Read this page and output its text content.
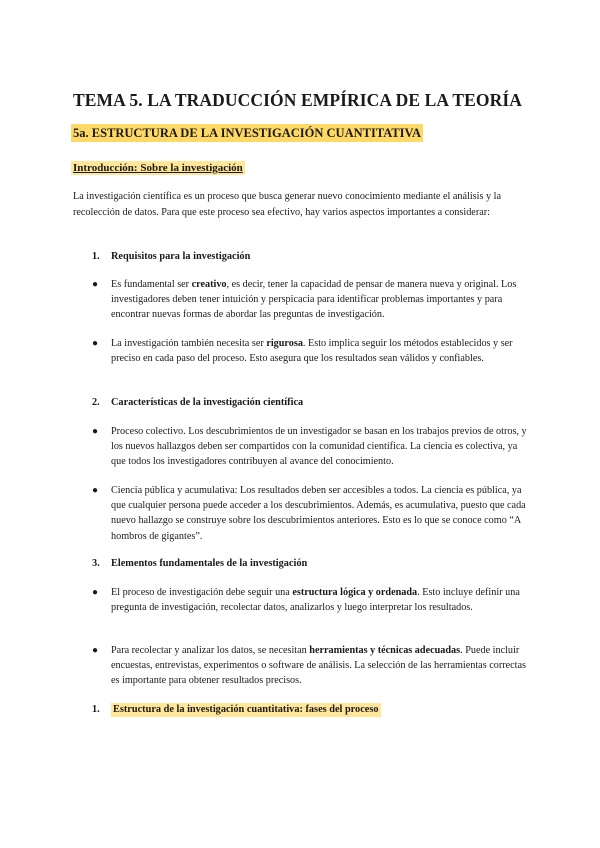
TEMA 5. LA TRADUCCIÓN EMPÍRICA DE LA TEORÍA
5a. ESTRUCTURA DE LA INVESTIGACIÓN CUANTITATIVA
Introducción: Sobre la investigación

La investigación científica es un proceso que busca generar nuevo conocimiento mediante el análisis y la recolección de datos. Para que este proceso sea efectivo, hay varios aspectos importantes a considerar:

1. Requisitos para la investigación
● Es fundamental ser creativo, es decir, tener la capacidad de pensar de manera nueva y original. Los investigadores deben tener intuición y perspicacia para identificar problemas importantes y para encontrar nuevas formas de abordar las preguntas de investigación.
● La investigación también necesita ser rigurosa. Esto implica seguir los métodos establecidos y ser preciso en cada paso del proceso. Esto asegura que los resultados sean válidos y confiables.
2. Características de la investigación científica
● Proceso colectivo. Los descubrimientos de un investigador se basan en los trabajos previos de otros, y los nuevos hallazgos deben ser compartidos con la comunidad científica. La ciencia es colectiva, ya que todos los investigadores contribuyen al avance del conocimiento.
● Ciencia pública y acumulativa: Los resultados deben ser accesibles a todos. La ciencia es pública, ya que cualquier persona puede acceder a los descubrimientos. Además, es acumulativa, puesto que cada nuevo hallazgo se construye sobre los descubrimientos anteriores. Esto es lo que se conoce como “A hombros de gigantes”.
3. Elementos fundamentales de la investigación
● El proceso de investigación debe seguir una estructura lógica y ordenada. Esto incluye definir una pregunta de investigación, recolectar datos, analizarlos y luego interpretar los resultados.
● Para recolectar y analizar los datos, se necesitan herramientas y técnicas adecuadas. Puede incluir encuestas, entrevistas, experimentos o software de análisis. La selección de las herramientas correctas es importante para obtener resultados precisos.
1. Estructura de la investigación cuantitativa: fases del proceso
